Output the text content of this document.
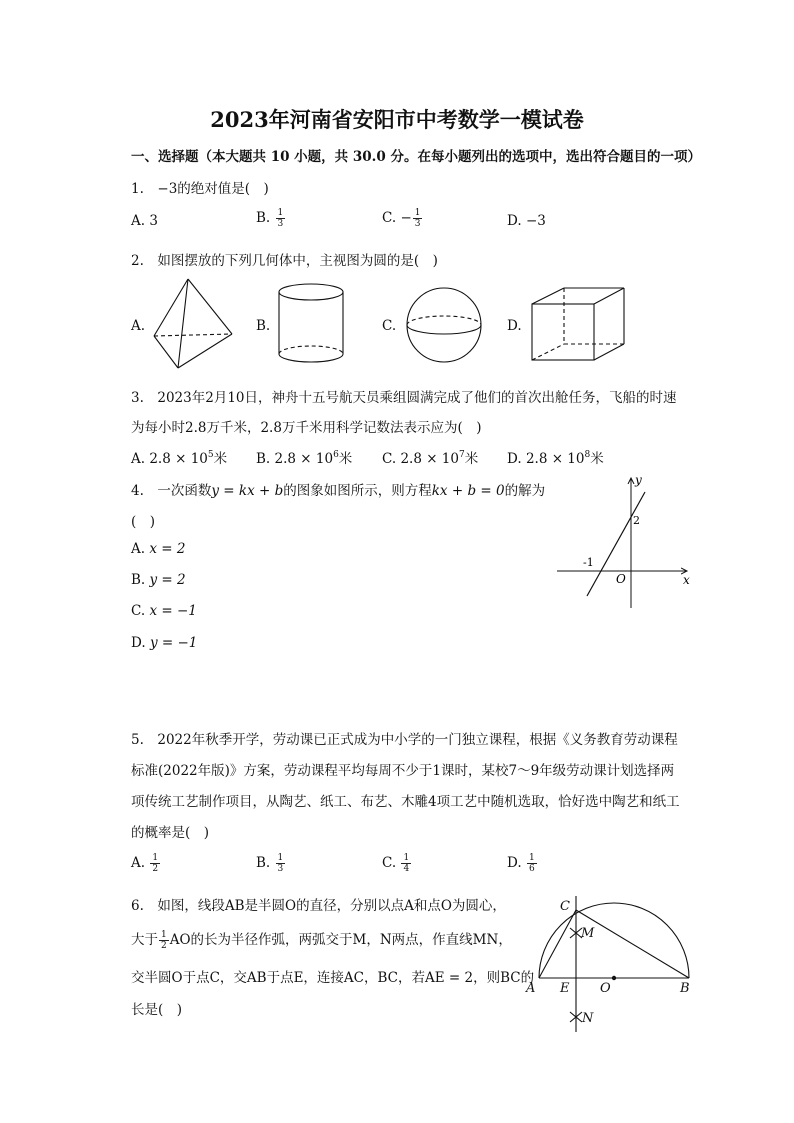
2023年河南省安阳市中考数学一模试卷
一、选择题（本大题共 10 小题，共 30.0 分。在每小题列出的选项中，选出符合题目的一项）
1.　−3的绝对值是(　)
A. 3	B. $\frac{1}{3}$	C. − $\frac{1}{3}$	D. −3
2.　如图摆放的下列几何体中，主视图为圆的是(　)
A.	B.	C.	D.
3.　2023年2月10日，神舟十五号航天员乘组圆满完成了他们的首次出舱任务，飞船的时速
为每小时2.8万千米，2.8万千米用科学记数法表示应为(　)
A. $2.8 \times 10^5$米 B. $2.8 \times 10^6$米 C. $2.8 \times 10^7$米 D. $2.8 \times 10^8$米
4.　一次函数y = kx + b的图象如图所示，则方程kx + b = 0的解为
(　)
A. x = 2
B. y = 2
C. x = −1
D. y = −1
y
x
O
2
-1
5.　2022年秋季开学，劳动课已正式成为中小学的一门独立课程，根据《义务教育劳动课程
标准(2022年版)》方案，劳动课程平均每周不少于1课时，某校7～9年级劳动课计划选择两
项传统工艺制作项目，从陶艺、纸工、布艺、木雕4项工艺中随机选取，恰好选中陶艺和纸工
的概率是(　)
A. $\frac{1}{2}$	B. $\frac{1}{3}$	C. $\frac{1}{4}$	D. $\frac{1}{6}$
6.　如图，线段AB是半圆O的直径，分别以点A和点O为圆心，
大于 $\frac{1}{2}$ AO的长为半径作弧，两弧交于M，N两点，作直线MN，
交半圆O于点C，交AB于点E，连接AC，BC，若AE = 2，则BC的
长是(　)
A E O	B
C
M
N
